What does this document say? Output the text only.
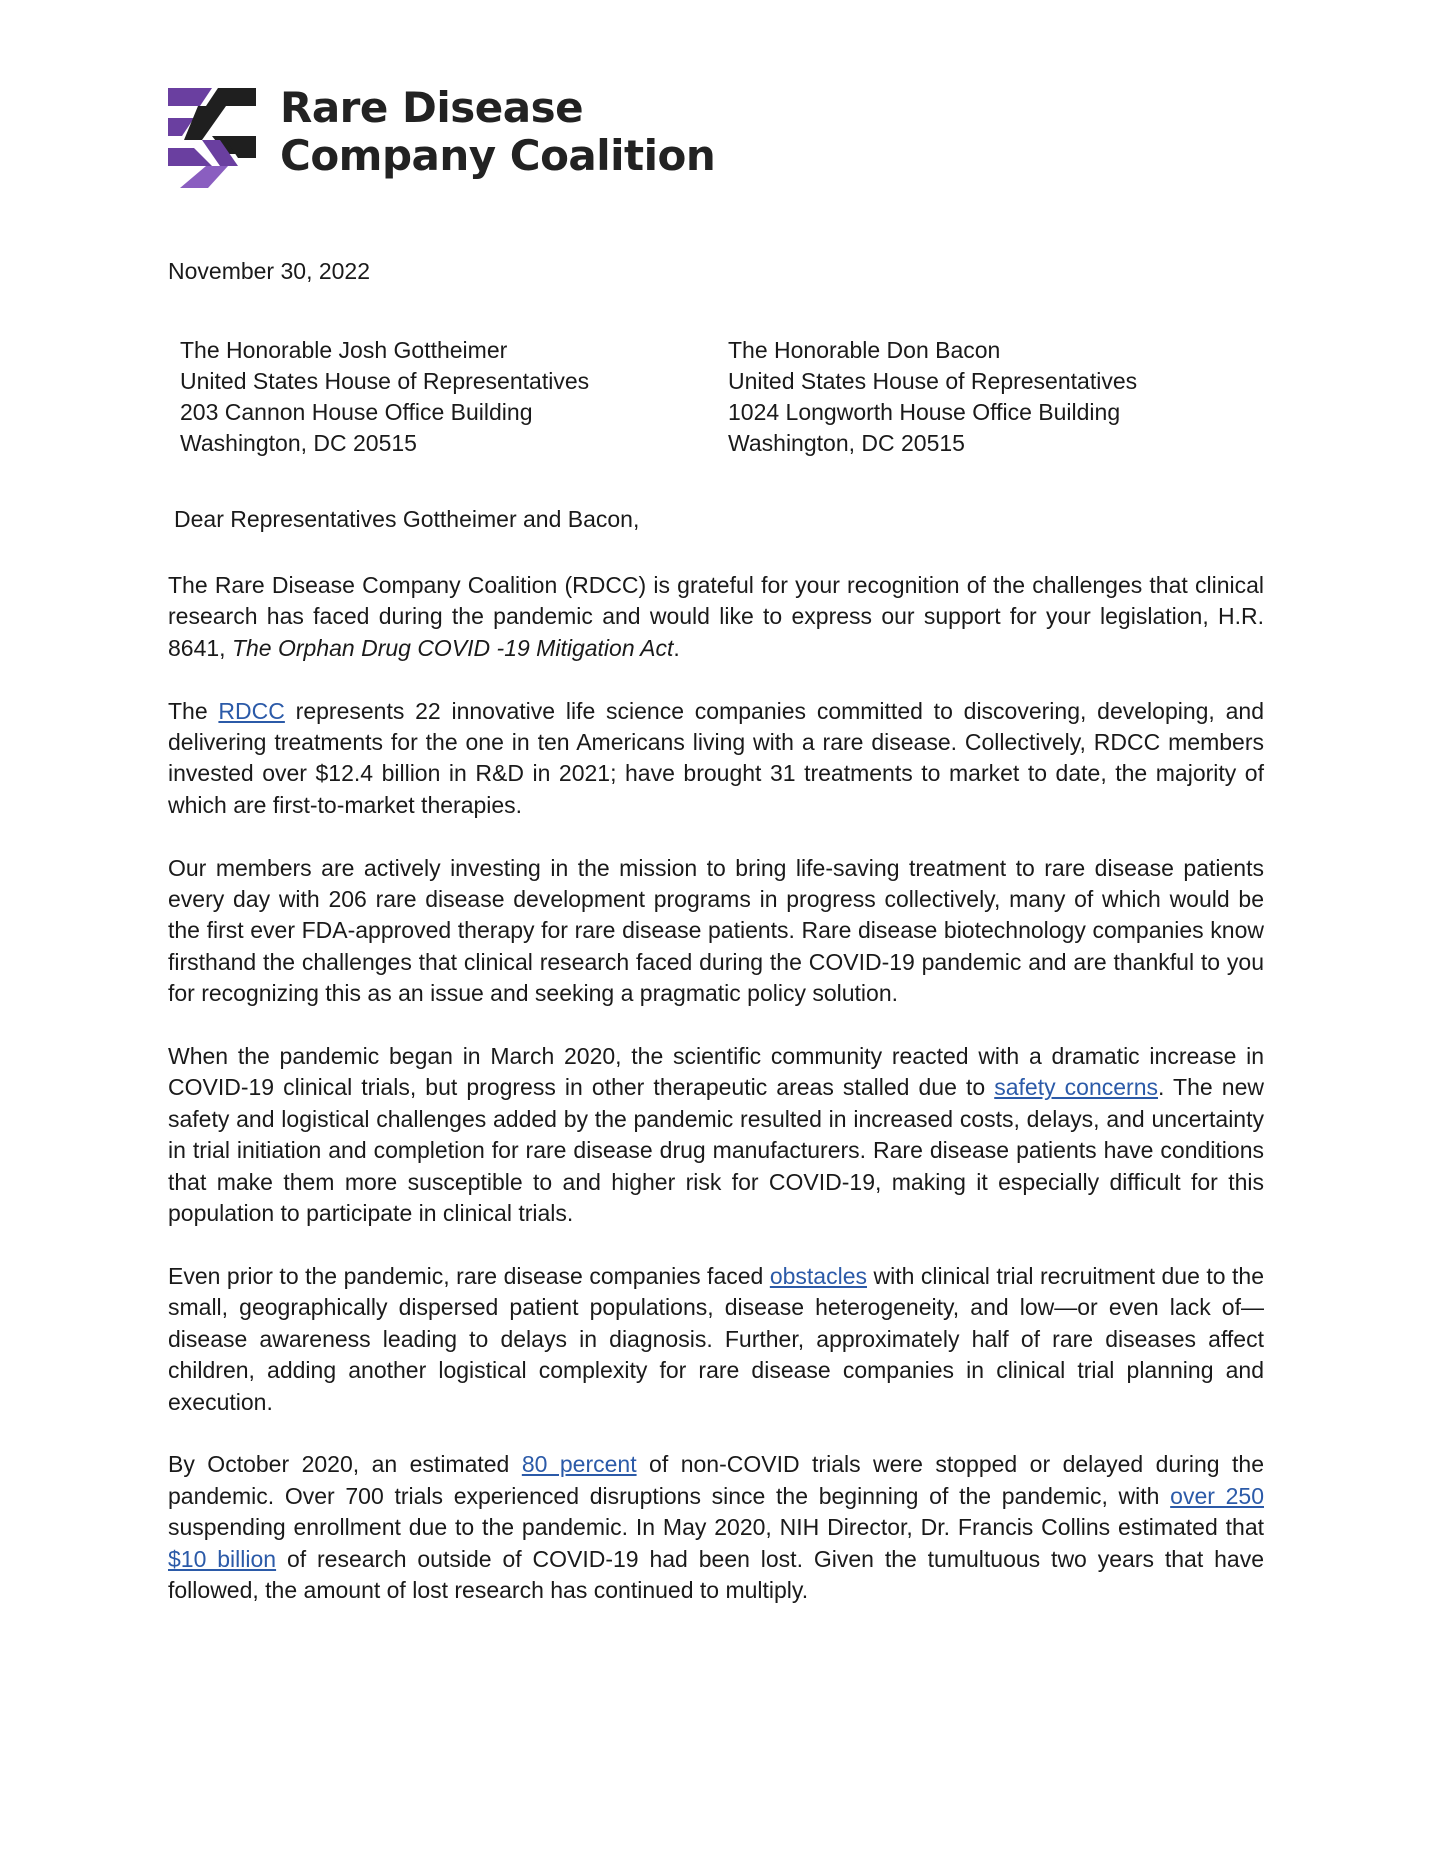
Rare Disease
Company Coalition
November 30, 2022
The Honorable Josh Gottheimer
United States House of Representatives
203 Cannon House Office Building
Washington, DC 20515
The Honorable Don Bacon
United States House of Representatives
1024 Longworth House Office Building
Washington, DC 20515
Dear Representatives Gottheimer and Bacon,

The Rare Disease Company Coalition (RDCC) is grateful for your recognition of the challenges that clinical research has faced during the pandemic and would like to express our support for your legislation, H.R. 8641, The Orphan Drug COVID -19 Mitigation Act.

The RDCC represents 22 innovative life science companies committed to discovering, developing, and delivering treatments for the one in ten Americans living with a rare disease. Collectively, RDCC members invested over $12.4 billion in R&D in 2021; have brought 31 treatments to market to date, the majority of which are first-to-market therapies.

Our members are actively investing in the mission to bring life-saving treatment to rare disease patients every day with 206 rare disease development programs in progress collectively, many of which would be the first ever FDA-approved therapy for rare disease patients. Rare disease biotechnology companies know firsthand the challenges that clinical research faced during the COVID-19 pandemic and are thankful to you for recognizing this as an issue and seeking a pragmatic policy solution.

When the pandemic began in March 2020, the scientific community reacted with a dramatic increase in COVID-19 clinical trials, but progress in other therapeutic areas stalled due to safety concerns. The new safety and logistical challenges added by the pandemic resulted in increased costs, delays, and uncertainty in trial initiation and completion for rare disease drug manufacturers. Rare disease patients have conditions that make them more susceptible to and higher risk for COVID-19, making it especially difficult for this population to participate in clinical trials.

Even prior to the pandemic, rare disease companies faced obstacles with clinical trial recruitment due to the small, geographically dispersed patient populations, disease heterogeneity, and low—or even lack of—disease awareness leading to delays in diagnosis. Further, approximately half of rare diseases affect children, adding another logistical complexity for rare disease companies in clinical trial planning and execution.

By October 2020, an estimated 80 percent of non-COVID trials were stopped or delayed during the pandemic. Over 700 trials experienced disruptions since the beginning of the pandemic, with over 250 suspending enrollment due to the pandemic. In May 2020, NIH Director, Dr. Francis Collins estimated that $10 billion of research outside of COVID-19 had been lost. Given the tumultuous two years that have followed, the amount of lost research has continued to multiply.
